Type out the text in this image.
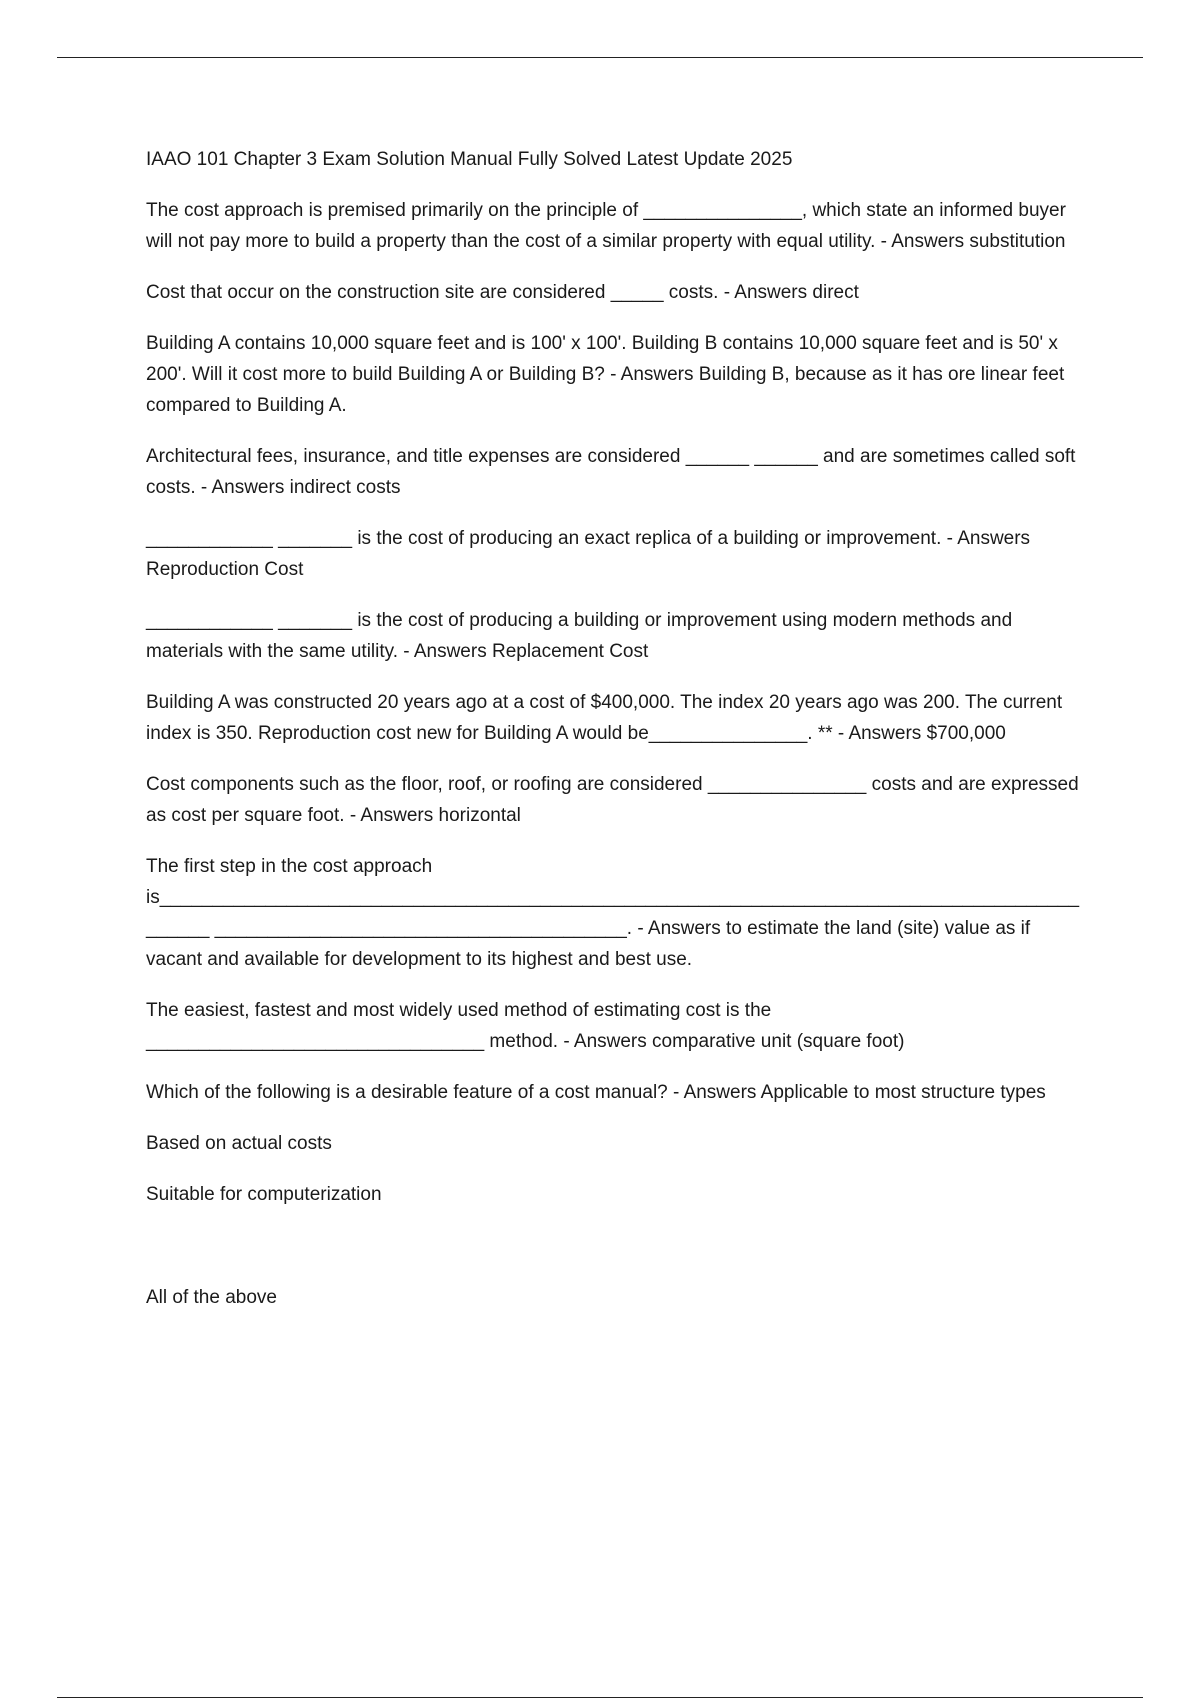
IAAO 101 Chapter 3 Exam Solution Manual Fully Solved Latest Update 2025

The cost approach is premised primarily on the principle of _______________, which state an informed buyer will not pay more to build a property than the cost of a similar property with equal utility. - Answers substitution

Cost that occur on the construction site are considered _____ costs. - Answers direct

Building A contains 10,000 square feet and is 100' x 100'. Building B contains 10,000 square feet and is 50' x 200'. Will it cost more to build Building A or Building B? - Answers Building B, because as it has ore linear feet compared to Building A.

Architectural fees, insurance, and title expenses are considered ______ ______ and are sometimes called soft costs. - Answers indirect costs

____________ _______ is the cost of producing an exact replica of a building or improvement. - Answers Reproduction Cost

____________ _______ is the cost of producing a building or improvement using modern methods and materials with the same utility. - Answers Replacement Cost

Building A was constructed 20 years ago at a cost of $400,000. The index 20 years ago was 200. The current index is 350. Reproduction cost new for Building A would be_______________. ** - Answers $700,000

Cost components such as the floor, roof, or roofing are considered _______________ costs and are expressed as cost per square foot. - Answers horizontal

The first step in the cost approach is_____________________________________________________________________________________________ _______________________________________. - Answers to estimate the land (site) value as if vacant and available for development to its highest and best use.

The easiest, fastest and most widely used method of estimating cost is the ________________________________ method. - Answers comparative unit (square foot)

Which of the following is a desirable feature of a cost manual? - Answers Applicable to most structure types

Based on actual costs

Suitable for computerization

All of the above
